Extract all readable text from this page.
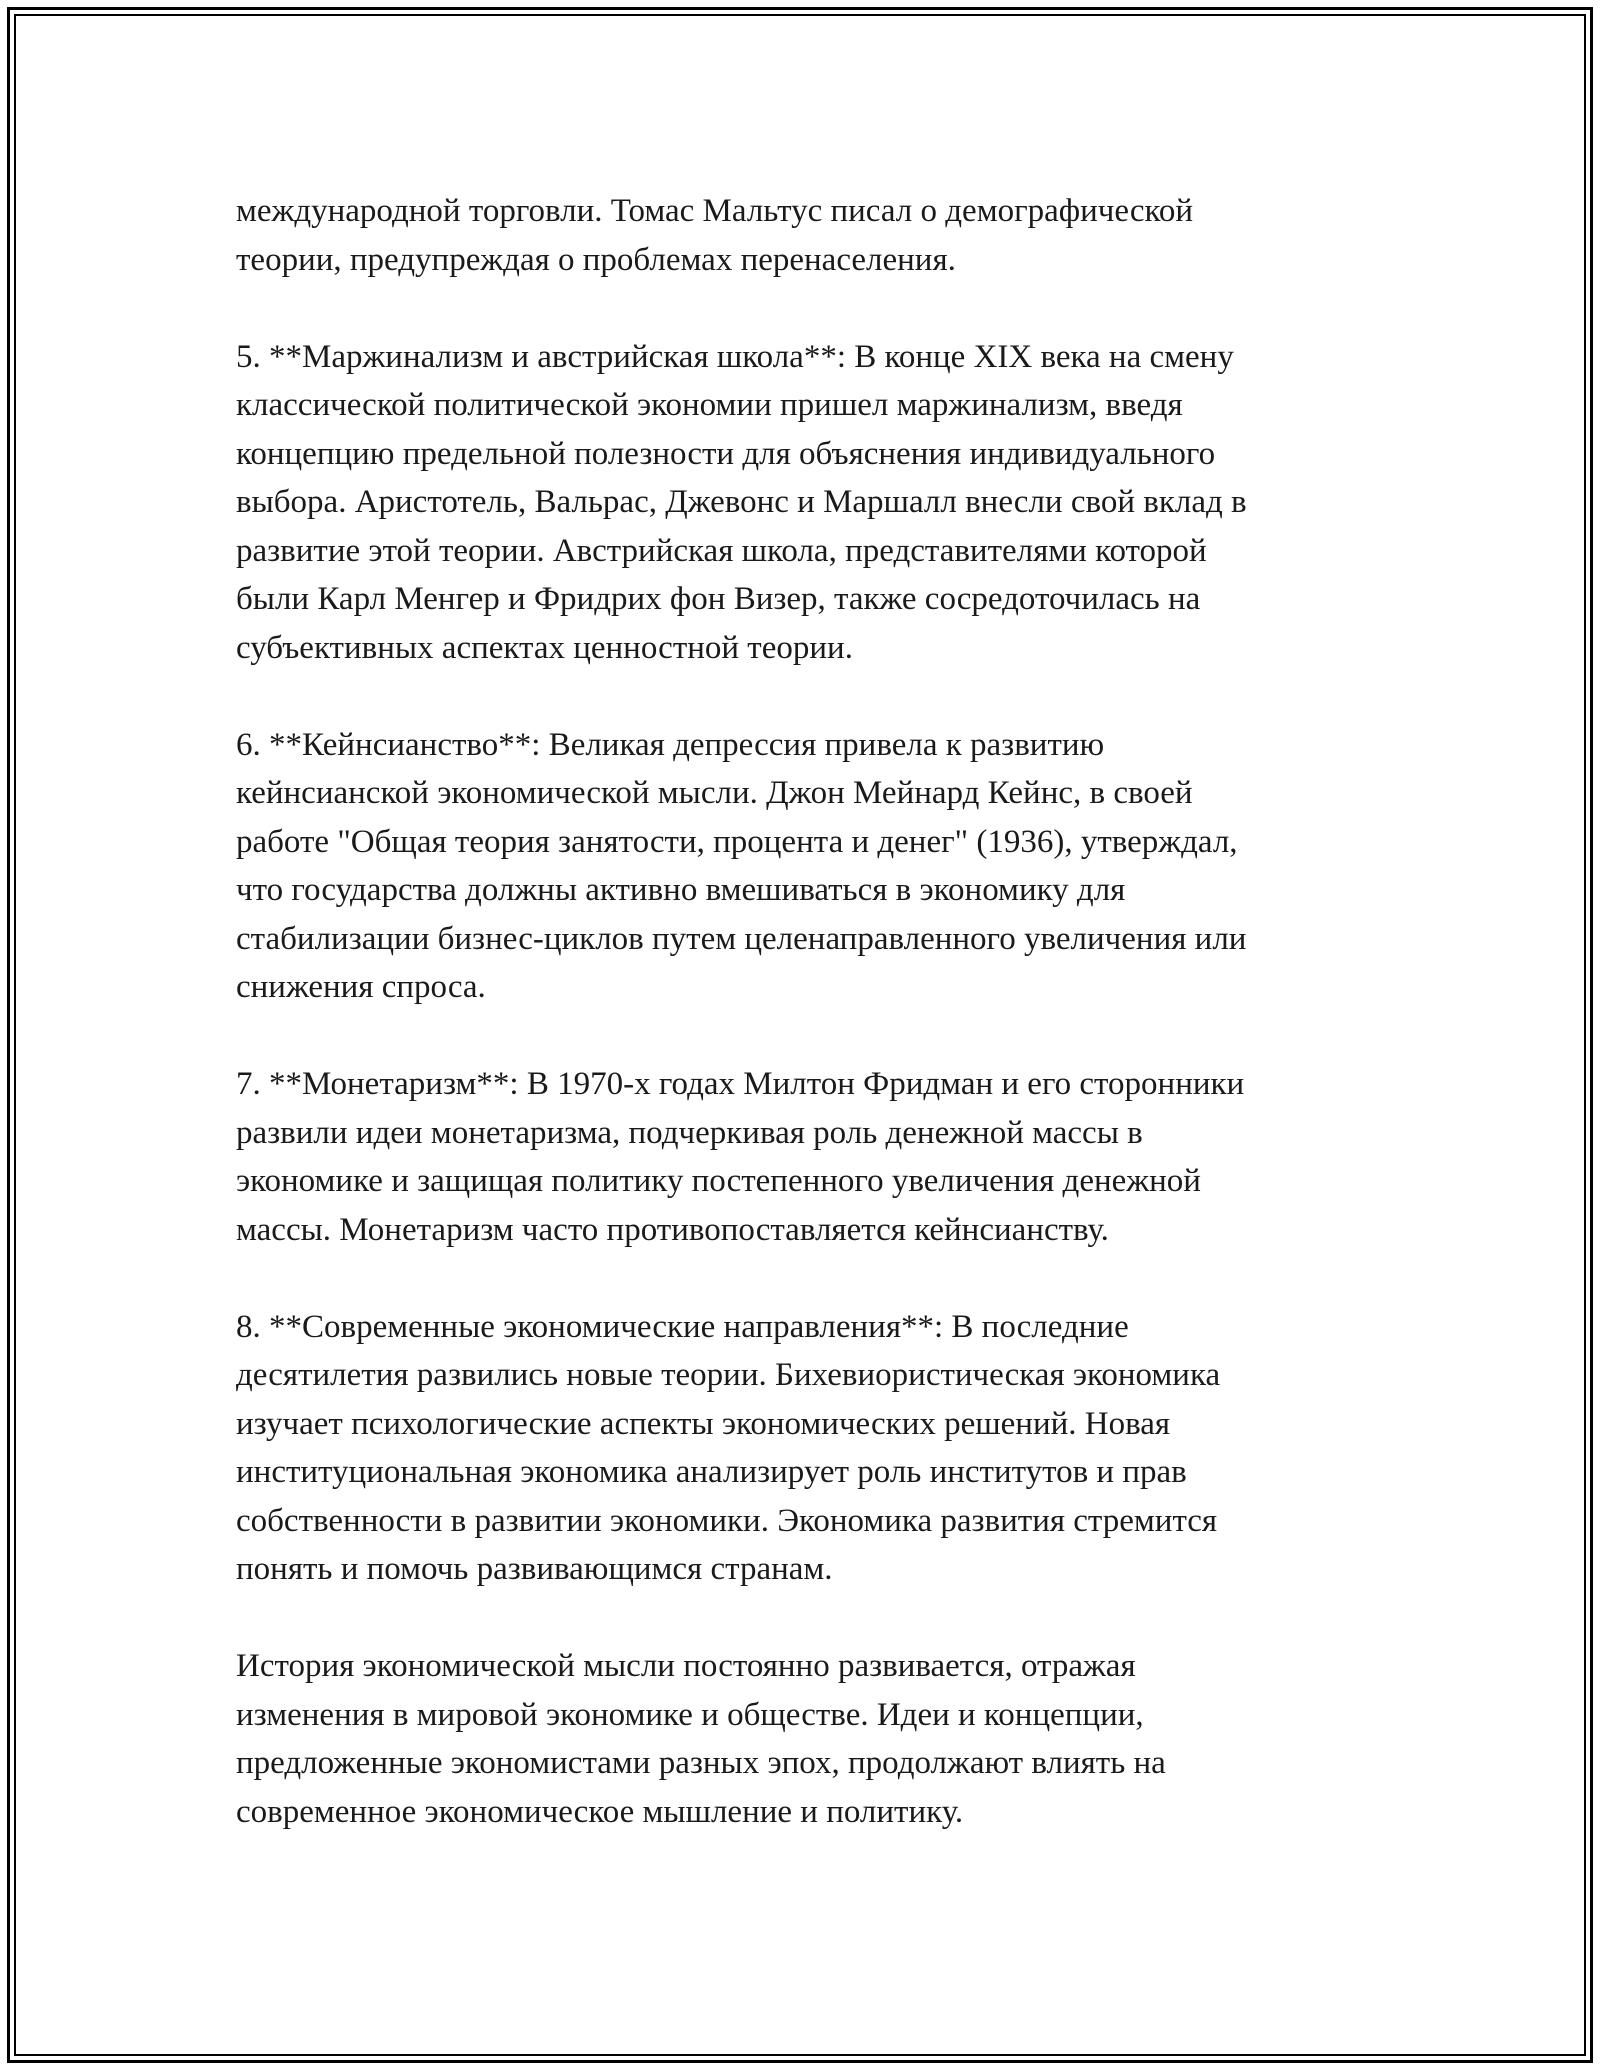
международной торговли. Томас Мальтус писал о демографической
теории, предупреждая о проблемах перенаселения.

5. **Маржинализм и австрийская школа**: В конце XIX века на смену
классической политической экономии пришел маржинализм, введя
концепцию предельной полезности для объяснения индивидуального
выбора. Аристотель, Вальрас, Джевонс и Маршалл внесли свой вклад в
развитие этой теории. Австрийская школа, представителями которой
были Карл Менгер и Фридрих фон Визер, также сосредоточилась на
субъективных аспектах ценностной теории.

6. **Кейнсианство**: Великая депрессия привела к развитию
кейнсианской экономической мысли. Джон Мейнард Кейнс, в своей
работе "Общая теория занятости, процента и денег" (1936), утверждал,
что государства должны активно вмешиваться в экономику для
стабилизации бизнес-циклов путем целенаправленного увеличения или
снижения спроса.

7. **Монетаризм**: В 1970-х годах Милтон Фридман и его сторонники
развили идеи монетаризма, подчеркивая роль денежной массы в
экономике и защищая политику постепенного увеличения денежной
массы. Монетаризм часто противопоставляется кейнсианству.

8. **Современные экономические направления**: В последние
десятилетия развились новые теории. Бихевиористическая экономика
изучает психологические аспекты экономических решений. Новая
институциональная экономика анализирует роль институтов и прав
собственности в развитии экономики. Экономика развития стремится
понять и помочь развивающимся странам.

История экономической мысли постоянно развивается, отражая
изменения в мировой экономике и обществе. Идеи и концепции,
предложенные экономистами разных эпох, продолжают влиять на
современное экономическое мышление и политику.
